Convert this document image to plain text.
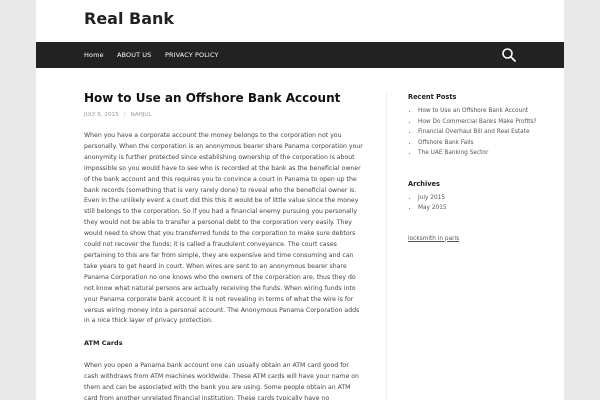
Real Bank
Home ABOUT US PRIVACY POLICY
How to Use an Offshore Bank Account
JULY 5, 2015 / NAHJUL

When you have a corporate account the money belongs to the corporation not you personally. When the corporation is an anonymous bearer share Panama corporation your anonymity is further protected since establishing ownership of the corporation is about impossible so you would have to see who is recorded at the bank as the beneficial owner of the bank account and this requires you to convince a court in Panama to open up the bank records (something that is very rarely done) to reveal who the beneficial owner is. Even in the unlikely event a court did this this it would be of little value since the money still belongs to the corporation. So if you had a financial enemy pursuing you personally they would not be able to transfer a personal debt to the corporation very easily. They would need to show that you transferred funds to the corporation to make sure debtors could not recover the funds; it is called a fraudulent conveyance. The court cases pertaining to this are far from simple, they are expensive and time consuming and can take years to get heard in court. When wires are sent to an anonymous bearer share Panama Corporation no one knows who the owners of the corporation are, thus they do not know what natural persons are actually receiving the funds. When wiring funds into your Panama corporate bank account it is not revealing in terms of what the wire is for versus wiring money into a personal account. The Anonymous Panama Corporation adds in a nice thick layer of privacy protection.

ATM Cards

When you open a Panama bank account one can usually obtain an ATM card good for cash withdraws from ATM machines worldwide. These ATM cards will have your name on them and can be associated with the bank you are using. Some people obtain an ATM card from another unrelated financial institution. These cards typically have no

Recent Posts
• How to Use an Offshore Bank Account
• How Do Commercial Banks Make Profits?
• Financial Overhaul Bill and Real Estate
• Offshore Bank Fails
• The UAE Banking Sector
Archives
• July 2015
• May 2015
locksmith in paris
